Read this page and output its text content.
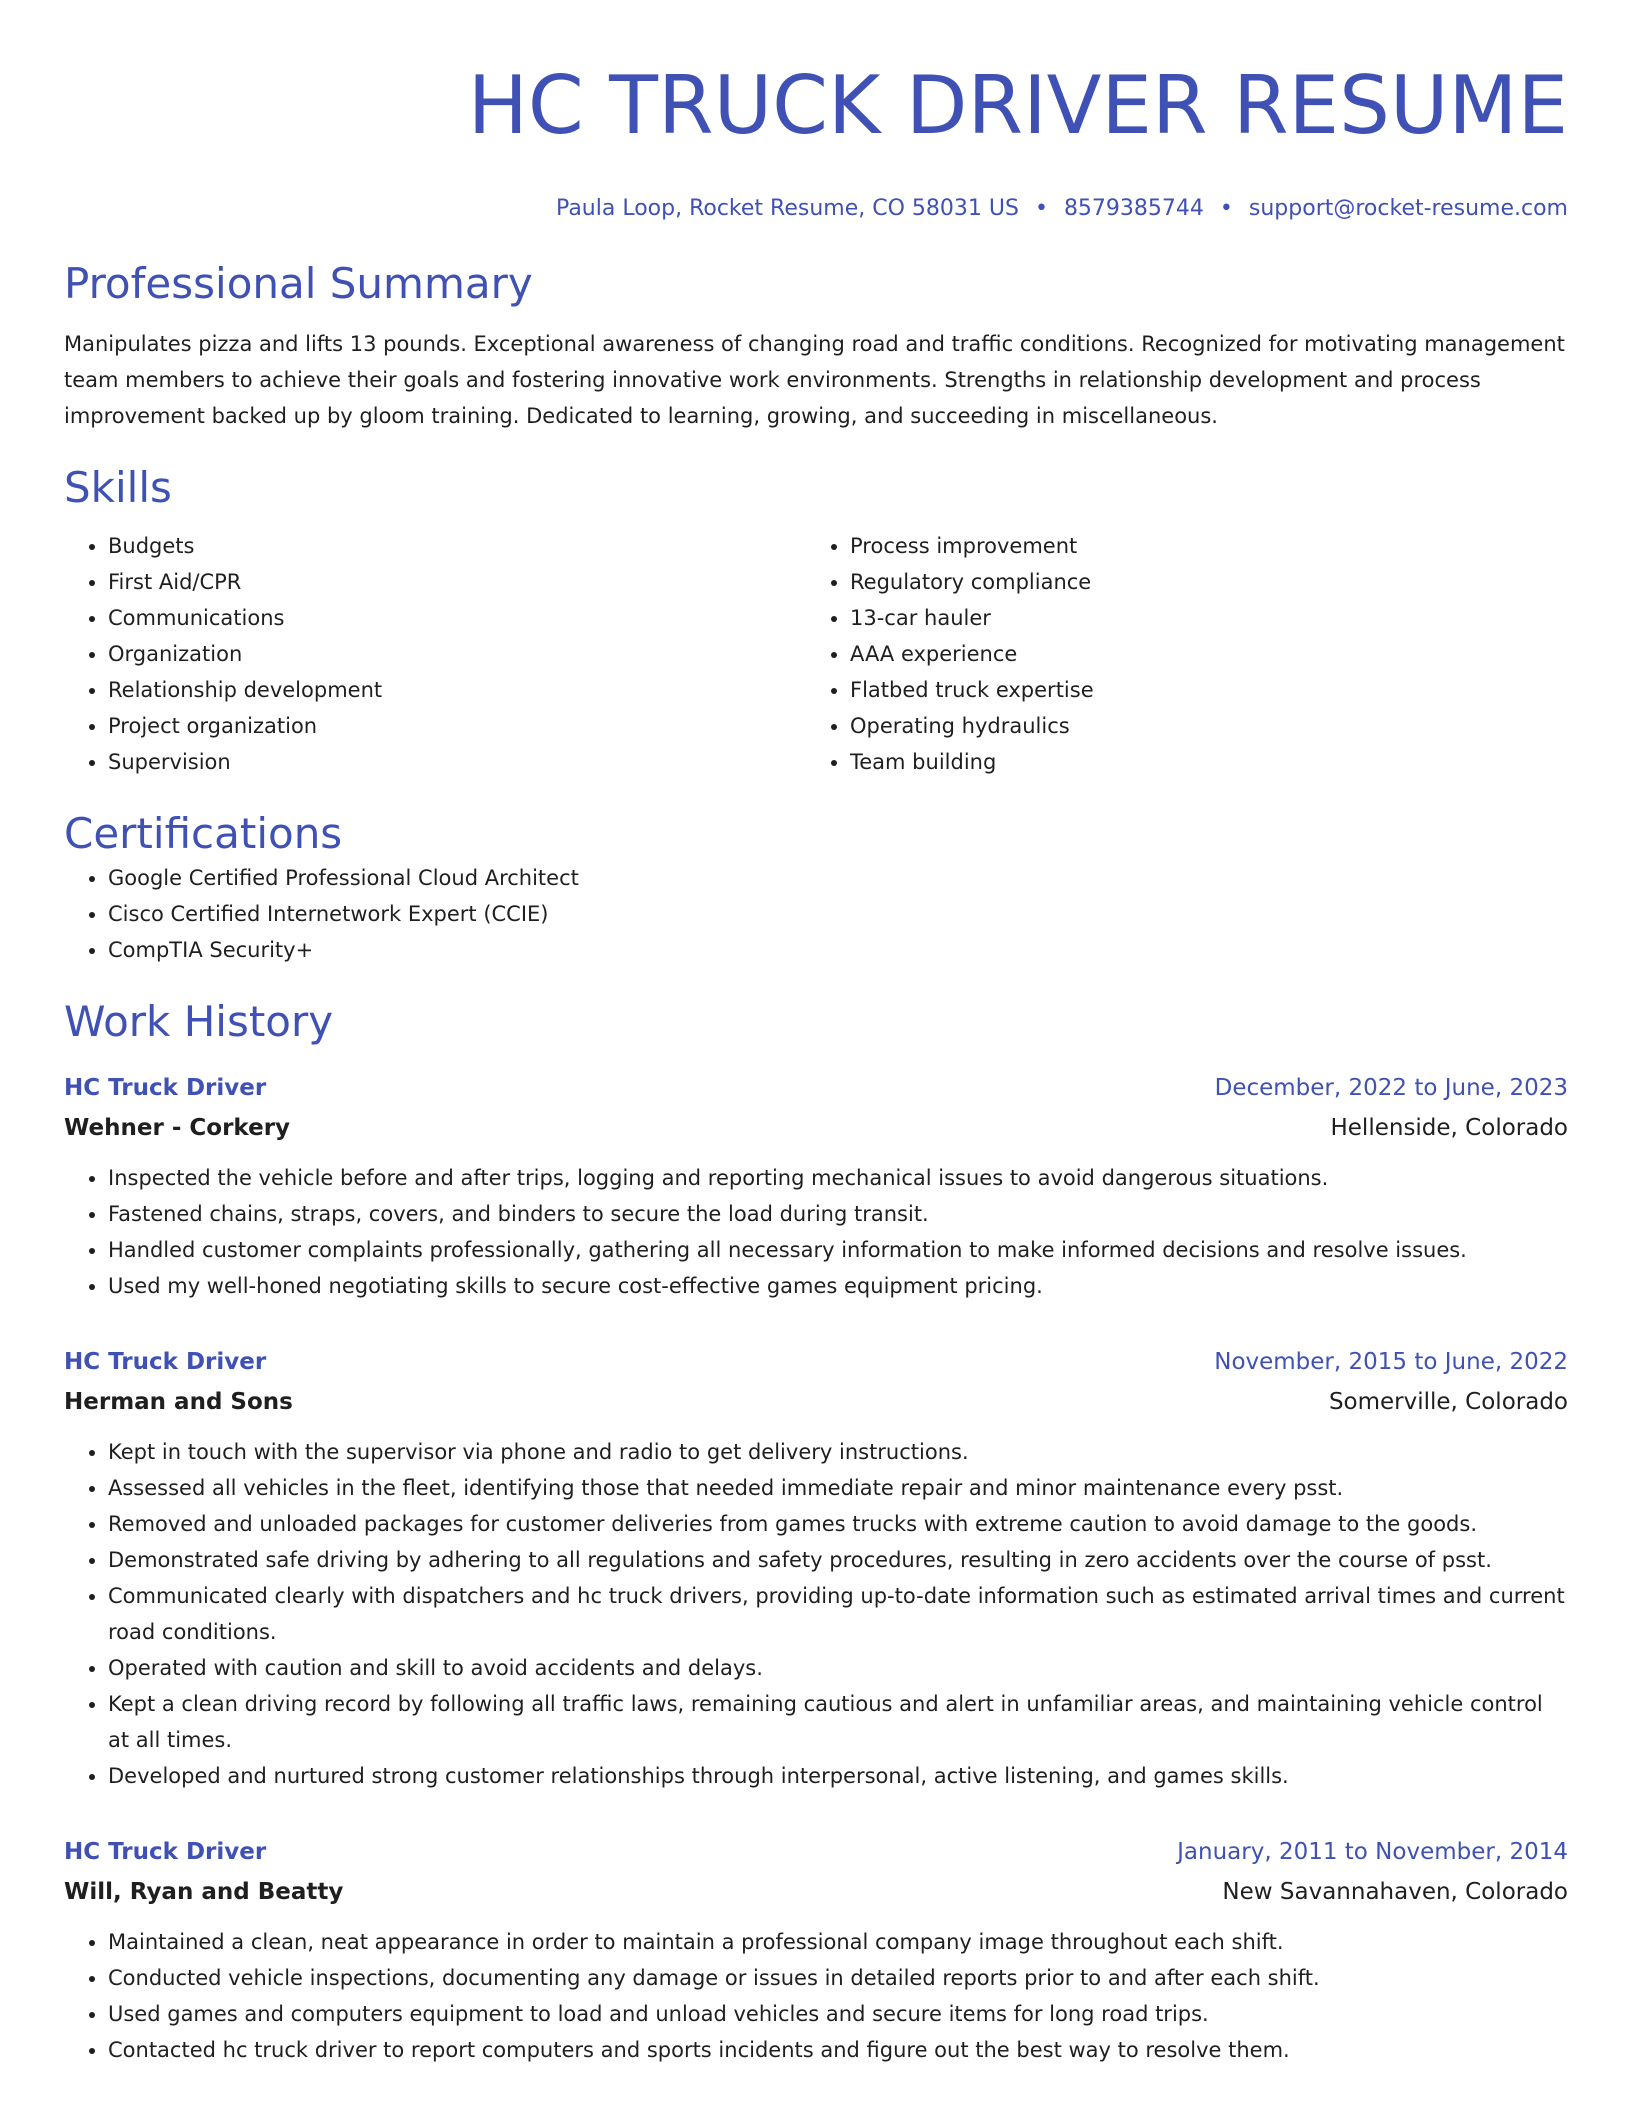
HC TRUCK DRIVER RESUME
Paula Loop, Rocket Resume, CO 58031 US • 8579385744 • support@rocket-resume.com
Professional Summary

Manipulates pizza and lifts 13 pounds. Exceptional awareness of changing road and traffic conditions. Recognized for motivating management team members to achieve their goals and fostering innovative work environments. Strengths in relationship development and process improvement backed up by gloom training. Dedicated to learning, growing, and succeeding in miscellaneous.

Skills
• Budgets
• First Aid/CPR
• Communications
• Organization
• Relationship development
• Project organization
• Supervision
• Process improvement
• Regulatory compliance
• 13-car hauler
• AAA experience
• Flatbed truck expertise
• Operating hydraulics
• Team building
Certifications
• Google Certified Professional Cloud Architect
• Cisco Certified Internetwork Expert (CCIE)
• CompTIA Security+
Work History
HC Truck Driver	December, 2022 to June, 2023
Wehner - Corkery	Hellenside, Colorado
• Inspected the vehicle before and after trips, logging and reporting mechanical issues to avoid dangerous situations.
• Fastened chains, straps, covers, and binders to secure the load during transit.
• Handled customer complaints professionally, gathering all necessary information to make informed decisions and resolve issues.
• Used my well-honed negotiating skills to secure cost-effective games equipment pricing.
HC Truck Driver	November, 2015 to June, 2022
Herman and Sons	Somerville, Colorado
• Kept in touch with the supervisor via phone and radio to get delivery instructions.
• Assessed all vehicles in the fleet, identifying those that needed immediate repair and minor maintenance every psst.
• Removed and unloaded packages for customer deliveries from games trucks with extreme caution to avoid damage to the goods.
• Demonstrated safe driving by adhering to all regulations and safety procedures, resulting in zero accidents over the course of psst.
• Communicated clearly with dispatchers and hc truck drivers, providing up-to-date information such as estimated arrival times and current road conditions.
• Operated with caution and skill to avoid accidents and delays.
• Kept a clean driving record by following all traffic laws, remaining cautious and alert in unfamiliar areas, and maintaining vehicle control at all times.
• Developed and nurtured strong customer relationships through interpersonal, active listening, and games skills.
HC Truck Driver	January, 2011 to November, 2014
Will, Ryan and Beatty	New Savannahaven, Colorado
• Maintained a clean, neat appearance in order to maintain a professional company image throughout each shift.
• Conducted vehicle inspections, documenting any damage or issues in detailed reports prior to and after each shift.
• Used games and computers equipment to load and unload vehicles and secure items for long road trips.
• Contacted hc truck driver to report computers and sports incidents and figure out the best way to resolve them.
